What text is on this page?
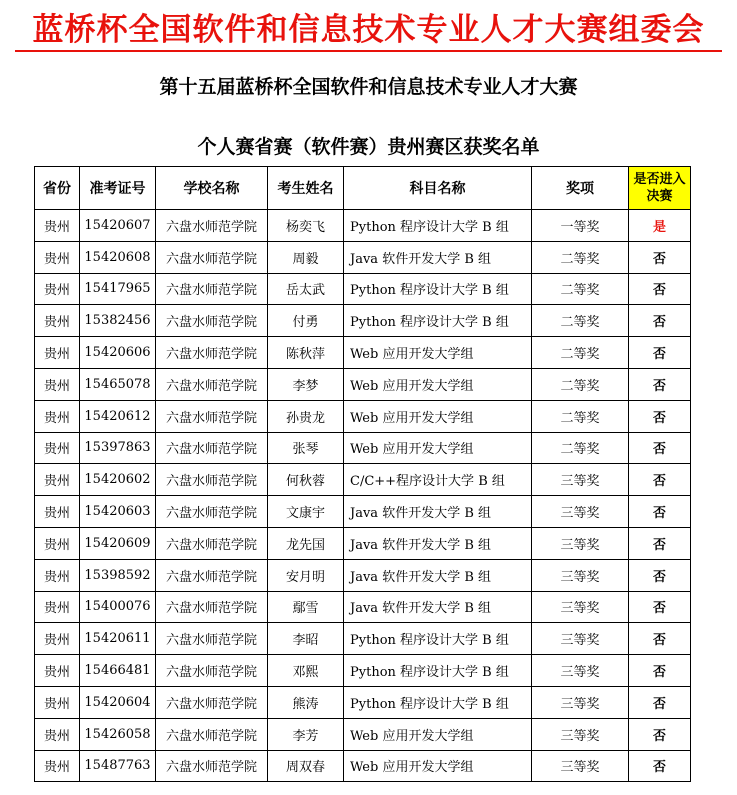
蓝桥杯全国软件和信息技术专业人才大赛组委会
第十五届蓝桥杯全国软件和信息技术专业人才大赛
个人赛省赛（软件赛）贵州赛区获奖名单
省份	准考证号	学校名称	考生姓名	科目名称	奖项	是否进入决赛
贵州	15420607	六盘水师范学院	杨奕飞	Python 程序设计大学 B 组	一等奖	是
贵州	15420608	六盘水师范学院	周毅	Java 软件开发大学 B 组	二等奖	否
贵州	15417965	六盘水师范学院	岳太武	Python 程序设计大学 B 组	二等奖	否
贵州	15382456	六盘水师范学院	付勇	Python 程序设计大学 B 组	二等奖	否
贵州	15420606	六盘水师范学院	陈秋萍	Web 应用开发大学组	二等奖	否
贵州	15465078	六盘水师范学院	李梦	Web 应用开发大学组	二等奖	否
贵州	15420612	六盘水师范学院	孙贵龙	Web 应用开发大学组	二等奖	否
贵州	15397863	六盘水师范学院	张琴	Web 应用开发大学组	二等奖	否
贵州	15420602	六盘水师范学院	何秋蓉	C/C++程序设计大学 B 组	三等奖	否
贵州	15420603	六盘水师范学院	文康宇	Java 软件开发大学 B 组	三等奖	否
贵州	15420609	六盘水师范学院	龙先国	Java 软件开发大学 B 组	三等奖	否
贵州	15398592	六盘水师范学院	安月明	Java 软件开发大学 B 组	三等奖	否
贵州	15400076	六盘水师范学院	鄢雪	Java 软件开发大学 B 组	三等奖	否
贵州	15420611	六盘水师范学院	李昭	Python 程序设计大学 B 组	三等奖	否
贵州	15466481	六盘水师范学院	邓熙	Python 程序设计大学 B 组	三等奖	否
贵州	15420604	六盘水师范学院	熊涛	Python 程序设计大学 B 组	三等奖	否
贵州	15426058	六盘水师范学院	李芳	Web 应用开发大学组	三等奖	否
贵州	15487763	六盘水师范学院	周双春	Web 应用开发大学组	三等奖	否
